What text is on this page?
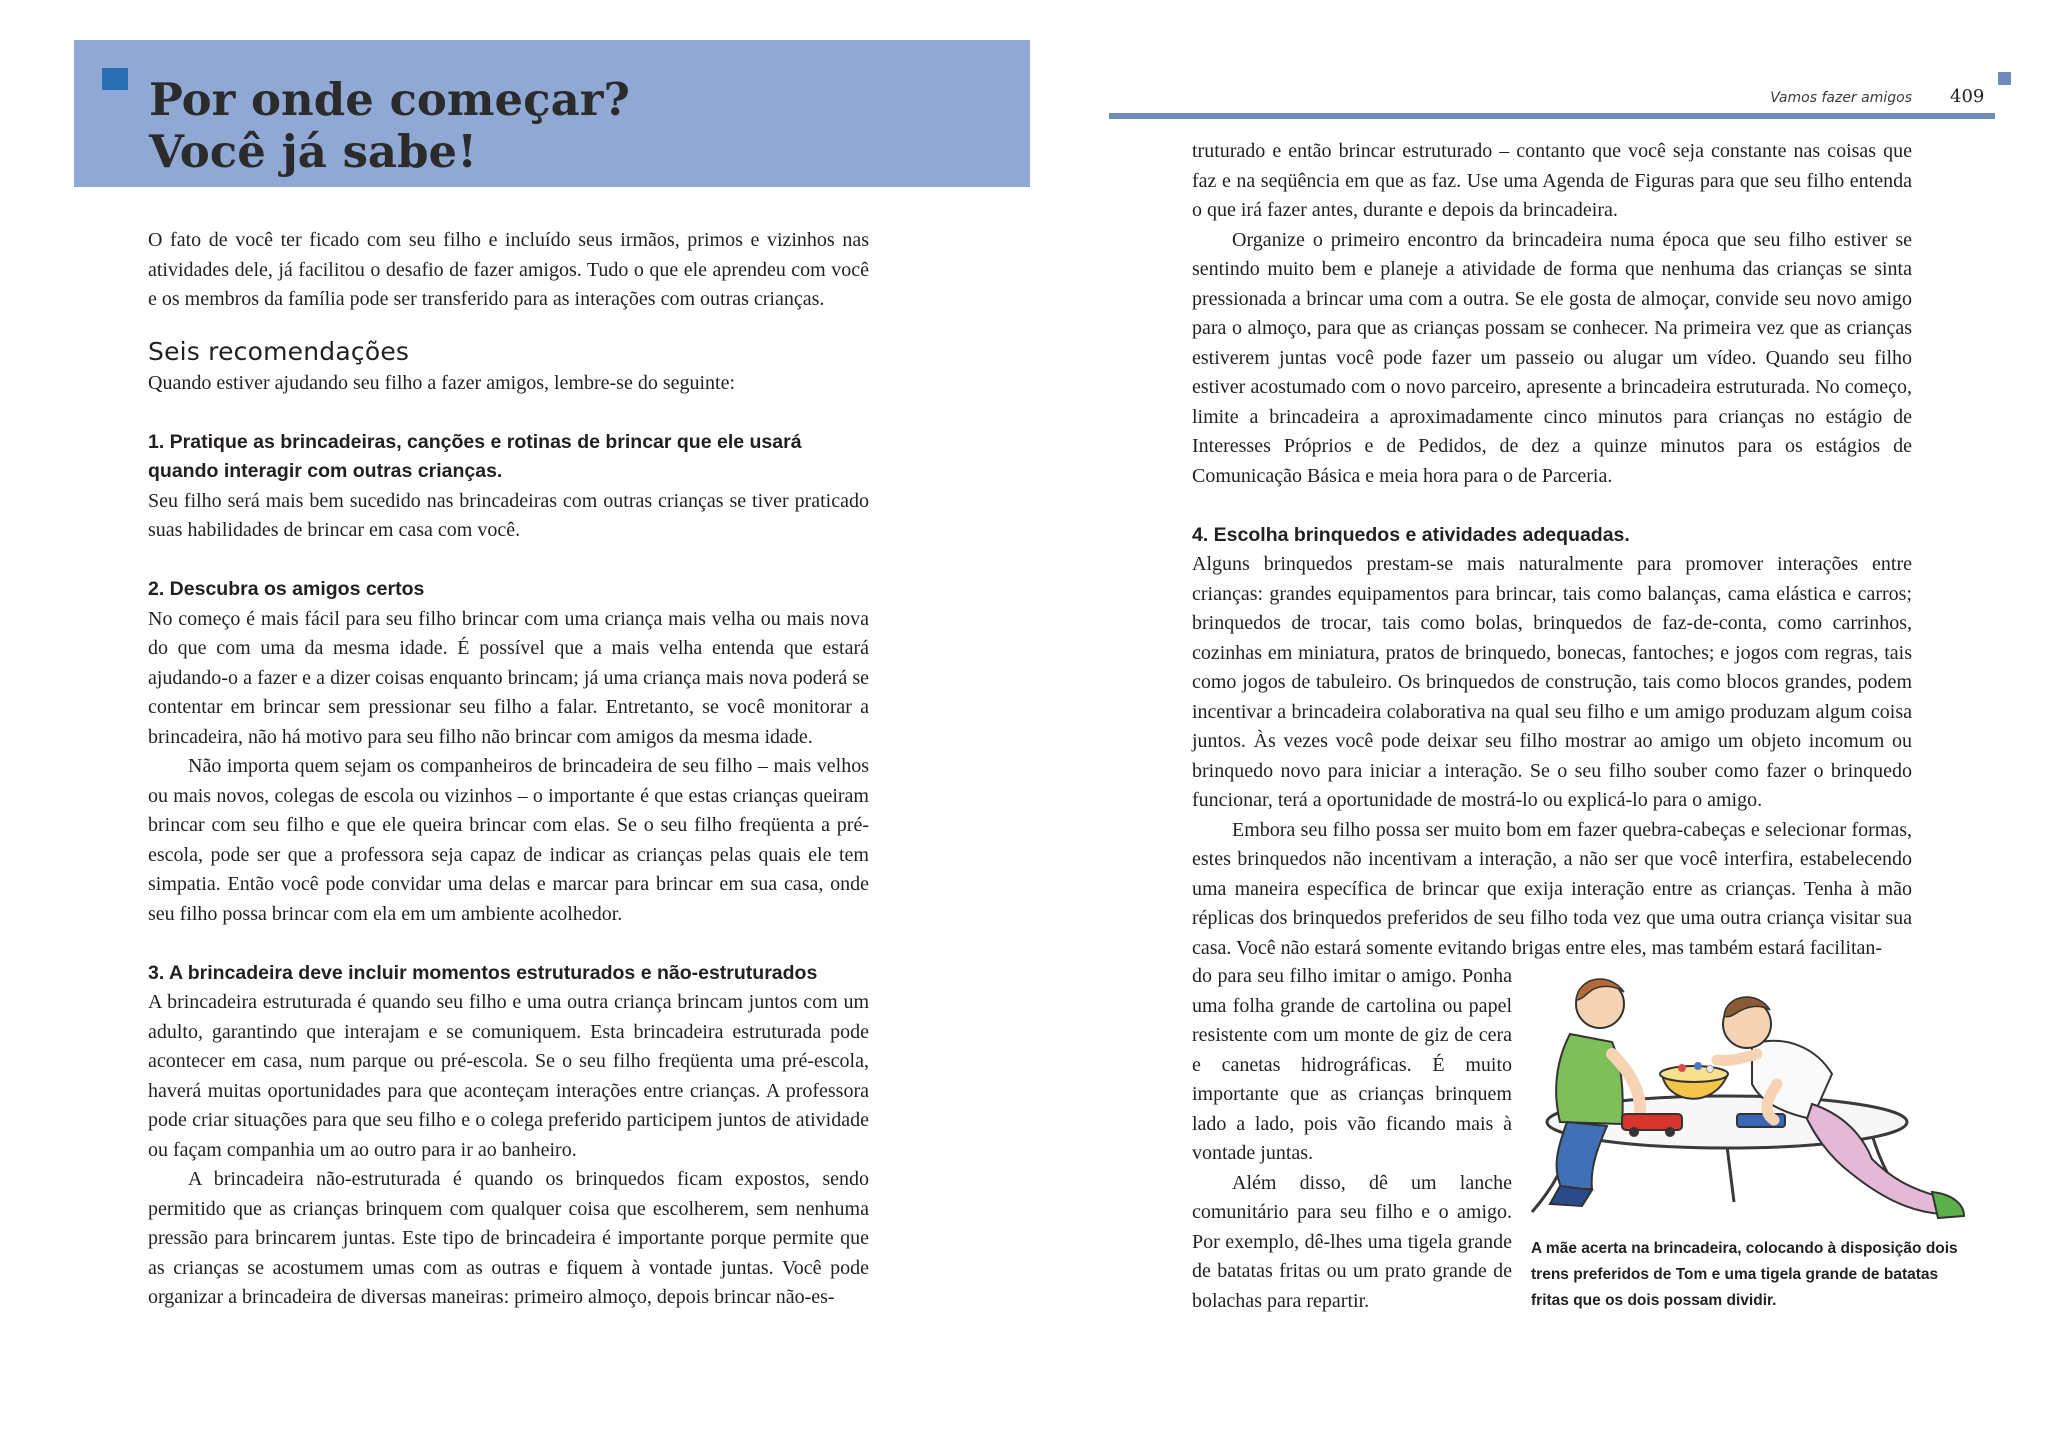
Por onde começar?
Você já sabe!

O fato de você ter ficado com seu filho e incluído seus irmãos, primos e vizinhos nas atividades dele, já facilitou o desafio de fazer amigos. Tudo o que ele aprendeu com você e os membros da família pode ser transferido para as interações com outras crianças.

Seis recomendações

Quando estiver ajudando seu filho a fazer amigos, lembre-se do seguinte:

1. Pratique as brincadeiras, canções e rotinas de brincar que ele usará quando interagir com outras crianças.

Seu filho será mais bem sucedido nas brincadeiras com outras crianças se tiver praticado suas habilidades de brincar em casa com você.

2. Descubra os amigos certos

No começo é mais fácil para seu filho brincar com uma criança mais velha ou mais nova do que com uma da mesma idade. É possível que a mais velha entenda que estará ajudando-o a fazer e a dizer coisas enquanto brincam; já uma criança mais nova poderá se contentar em brincar sem pressionar seu filho a falar. Entretanto, se você monitorar a brincadeira, não há motivo para seu filho não brincar com amigos da mesma idade.

Não importa quem sejam os companheiros de brincadeira de seu filho – mais velhos ou mais novos, colegas de escola ou vizinhos – o importante é que estas crianças queiram brincar com seu filho e que ele queira brincar com elas. Se o seu filho freqüenta a pré-escola, pode ser que a professora seja capaz de indicar as crianças pelas quais ele tem simpatia. Então você pode convidar uma delas e marcar para brincar em sua casa, onde seu filho possa brincar com ela em um ambiente acolhedor.

3. A brincadeira deve incluir momentos estruturados e não-estruturados

A brincadeira estruturada é quando seu filho e uma outra criança brincam juntos com um adulto, garantindo que interajam e se comuniquem. Esta brincadeira estruturada pode acontecer em casa, num parque ou pré-escola. Se o seu filho freqüenta uma pré-escola, haverá muitas oportunidades para que aconteçam interações entre crianças. A professora pode criar situações para que seu filho e o colega preferido participem juntos de atividade ou façam companhia um ao outro para ir ao banheiro.

A brincadeira não-estruturada é quando os brinquedos ficam expostos, sendo permitido que as crianças brinquem com qualquer coisa que escolherem, sem nenhuma pressão para brincarem juntas. Este tipo de brincadeira é importante porque permite que as crianças se acostumem umas com as outras e fiquem à vontade juntas. Você pode organizar a brincadeira de diversas maneiras: primeiro almoço, depois brincar não-es-

Vamos fazer amigos 409

truturado e então brincar estruturado – contanto que você seja constante nas coisas que faz e na seqüência em que as faz. Use uma Agenda de Figuras para que seu filho entenda o que irá fazer antes, durante e depois da brincadeira.

Organize o primeiro encontro da brincadeira numa época que seu filho estiver se sentindo muito bem e planeje a atividade de forma que nenhuma das crianças se sinta pressionada a brincar uma com a outra. Se ele gosta de almoçar, convide seu novo amigo para o almoço, para que as crianças possam se conhecer. Na primeira vez que as crianças estiverem juntas você pode fazer um passeio ou alugar um vídeo. Quando seu filho estiver acostumado com o novo parceiro, apresente a brincadeira estruturada. No começo, limite a brincadeira a aproximadamente cinco minutos para crianças no estágio de Interesses Próprios e de Pedidos, de dez a quinze minutos para os estágios de Comunicação Básica e meia hora para o de Parceria.

4. Escolha brinquedos e atividades adequadas.

Alguns brinquedos prestam-se mais naturalmente para promover interações entre crianças: grandes equipamentos para brincar, tais como balanças, cama elástica e carros; brinquedos de trocar, tais como bolas, brinquedos de faz-de-conta, como carrinhos, cozinhas em miniatura, pratos de brinquedo, bonecas, fantoches; e jogos com regras, tais como jogos de tabuleiro. Os brinquedos de construção, tais como blocos grandes, podem incentivar a brincadeira colaborativa na qual seu filho e um amigo produzam algum coisa juntos. Às vezes você pode deixar seu filho mostrar ao amigo um objeto incomum ou brinquedo novo para iniciar a interação. Se o seu filho souber como fazer o brinquedo funcionar, terá a oportunidade de mostrá-lo ou explicá-lo para o amigo.

Embora seu filho possa ser muito bom em fazer quebra-cabeças e selecionar formas, estes brinquedos não incentivam a interação, a não ser que você interfira, estabelecendo uma maneira específica de brincar que exija interação entre as crianças. Tenha à mão réplicas dos brinquedos preferidos de seu filho toda vez que uma outra criança visitar sua casa. Você não estará somente evitando brigas entre eles, mas também estará facilitan-

do para seu filho imitar o amigo. Ponha uma folha grande de cartolina ou papel resistente com um monte de giz de cera e canetas hidrográficas. É muito importante que as crianças brinquem lado a lado, pois vão ficando mais à vontade juntas.

Além disso, dê um lanche comunitário para seu filho e o amigo. Por exemplo, dê-lhes uma tigela grande de batatas fritas ou um prato grande de bolachas para repartir.

A mãe acerta na brincadeira, colocando à disposição dois trens preferidos de Tom e uma tigela grande de batatas fritas que os dois possam dividir.
